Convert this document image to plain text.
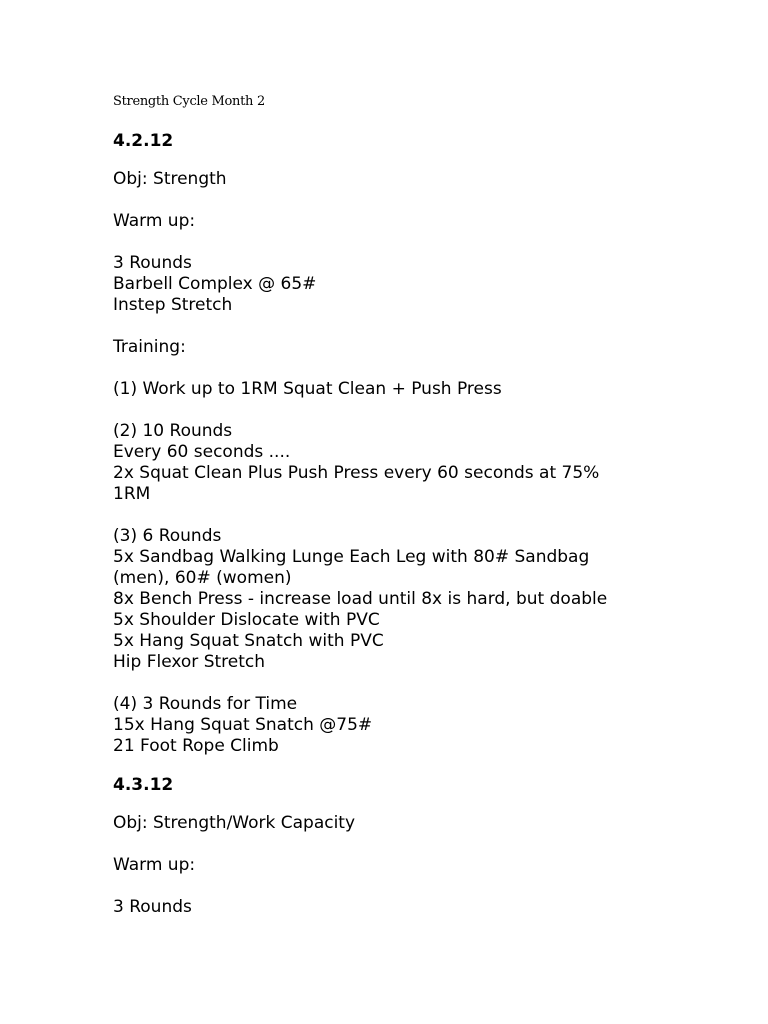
Strength Cycle Month 2
4.2.12

Obj: Strength

Warm up:

3 Rounds
Barbell Complex @ 65#
Instep Stretch

Training:

(1) Work up to 1RM Squat Clean + Push Press

(2) 10 Rounds
Every 60 seconds ....
2x Squat Clean Plus Push Press every 60 seconds at 75%
1RM

(3) 6 Rounds
5x Sandbag Walking Lunge Each Leg with 80# Sandbag
(men), 60# (women)
8x Bench Press - increase load until 8x is hard, but doable
5x Shoulder Dislocate with PVC
5x Hang Squat Snatch with PVC
Hip Flexor Stretch

(4) 3 Rounds for Time
15x Hang Squat Snatch @75#
21 Foot Rope Climb

4.3.12

Obj: Strength/Work Capacity

Warm up:

3 Rounds
